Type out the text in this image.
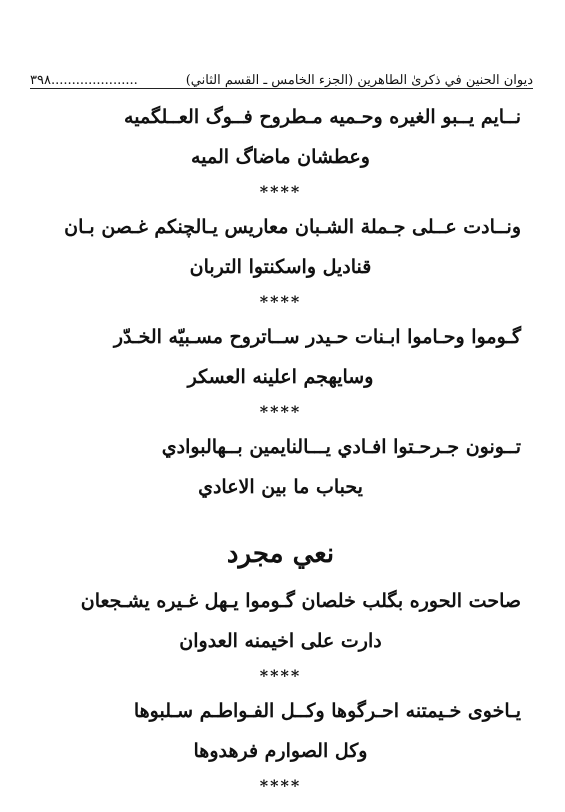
٣٩٨.....................	ديوان الحنين في ذكرىٰ الطاهرين (الجزء الخامس ـ القسم الثاني)
نــايم يــبو الغيره وحـميه مـطروح فــوگ العــلگميه
وعطشان ماضاگ الميه
****
ونــادت عــلى جـملة الشـبان معاريس يـالچنكم غـصن بـان
قناديل واسكنتوا التربان
****
گـوموا وحـاموا ابـنات حـيدر ســاتروح مسـبيّه الخـدّر
وسايهجم اعلينه العسكر
****
تــونون جـرحـتوا افـادي يـــالنايمين بــهالبوادي
يحباب ما بين الاعادي
نعي مجرد
صاحت الحوره بگلب خلصان گـوموا يـهل غـيره يشـجعان
دارت على اخيمنه العدوان
****
يـاخوى خـيمتنه احـرگوها وكــل الفـواطـم سـلبوها
وكل الصوارم فرهدوها
****
